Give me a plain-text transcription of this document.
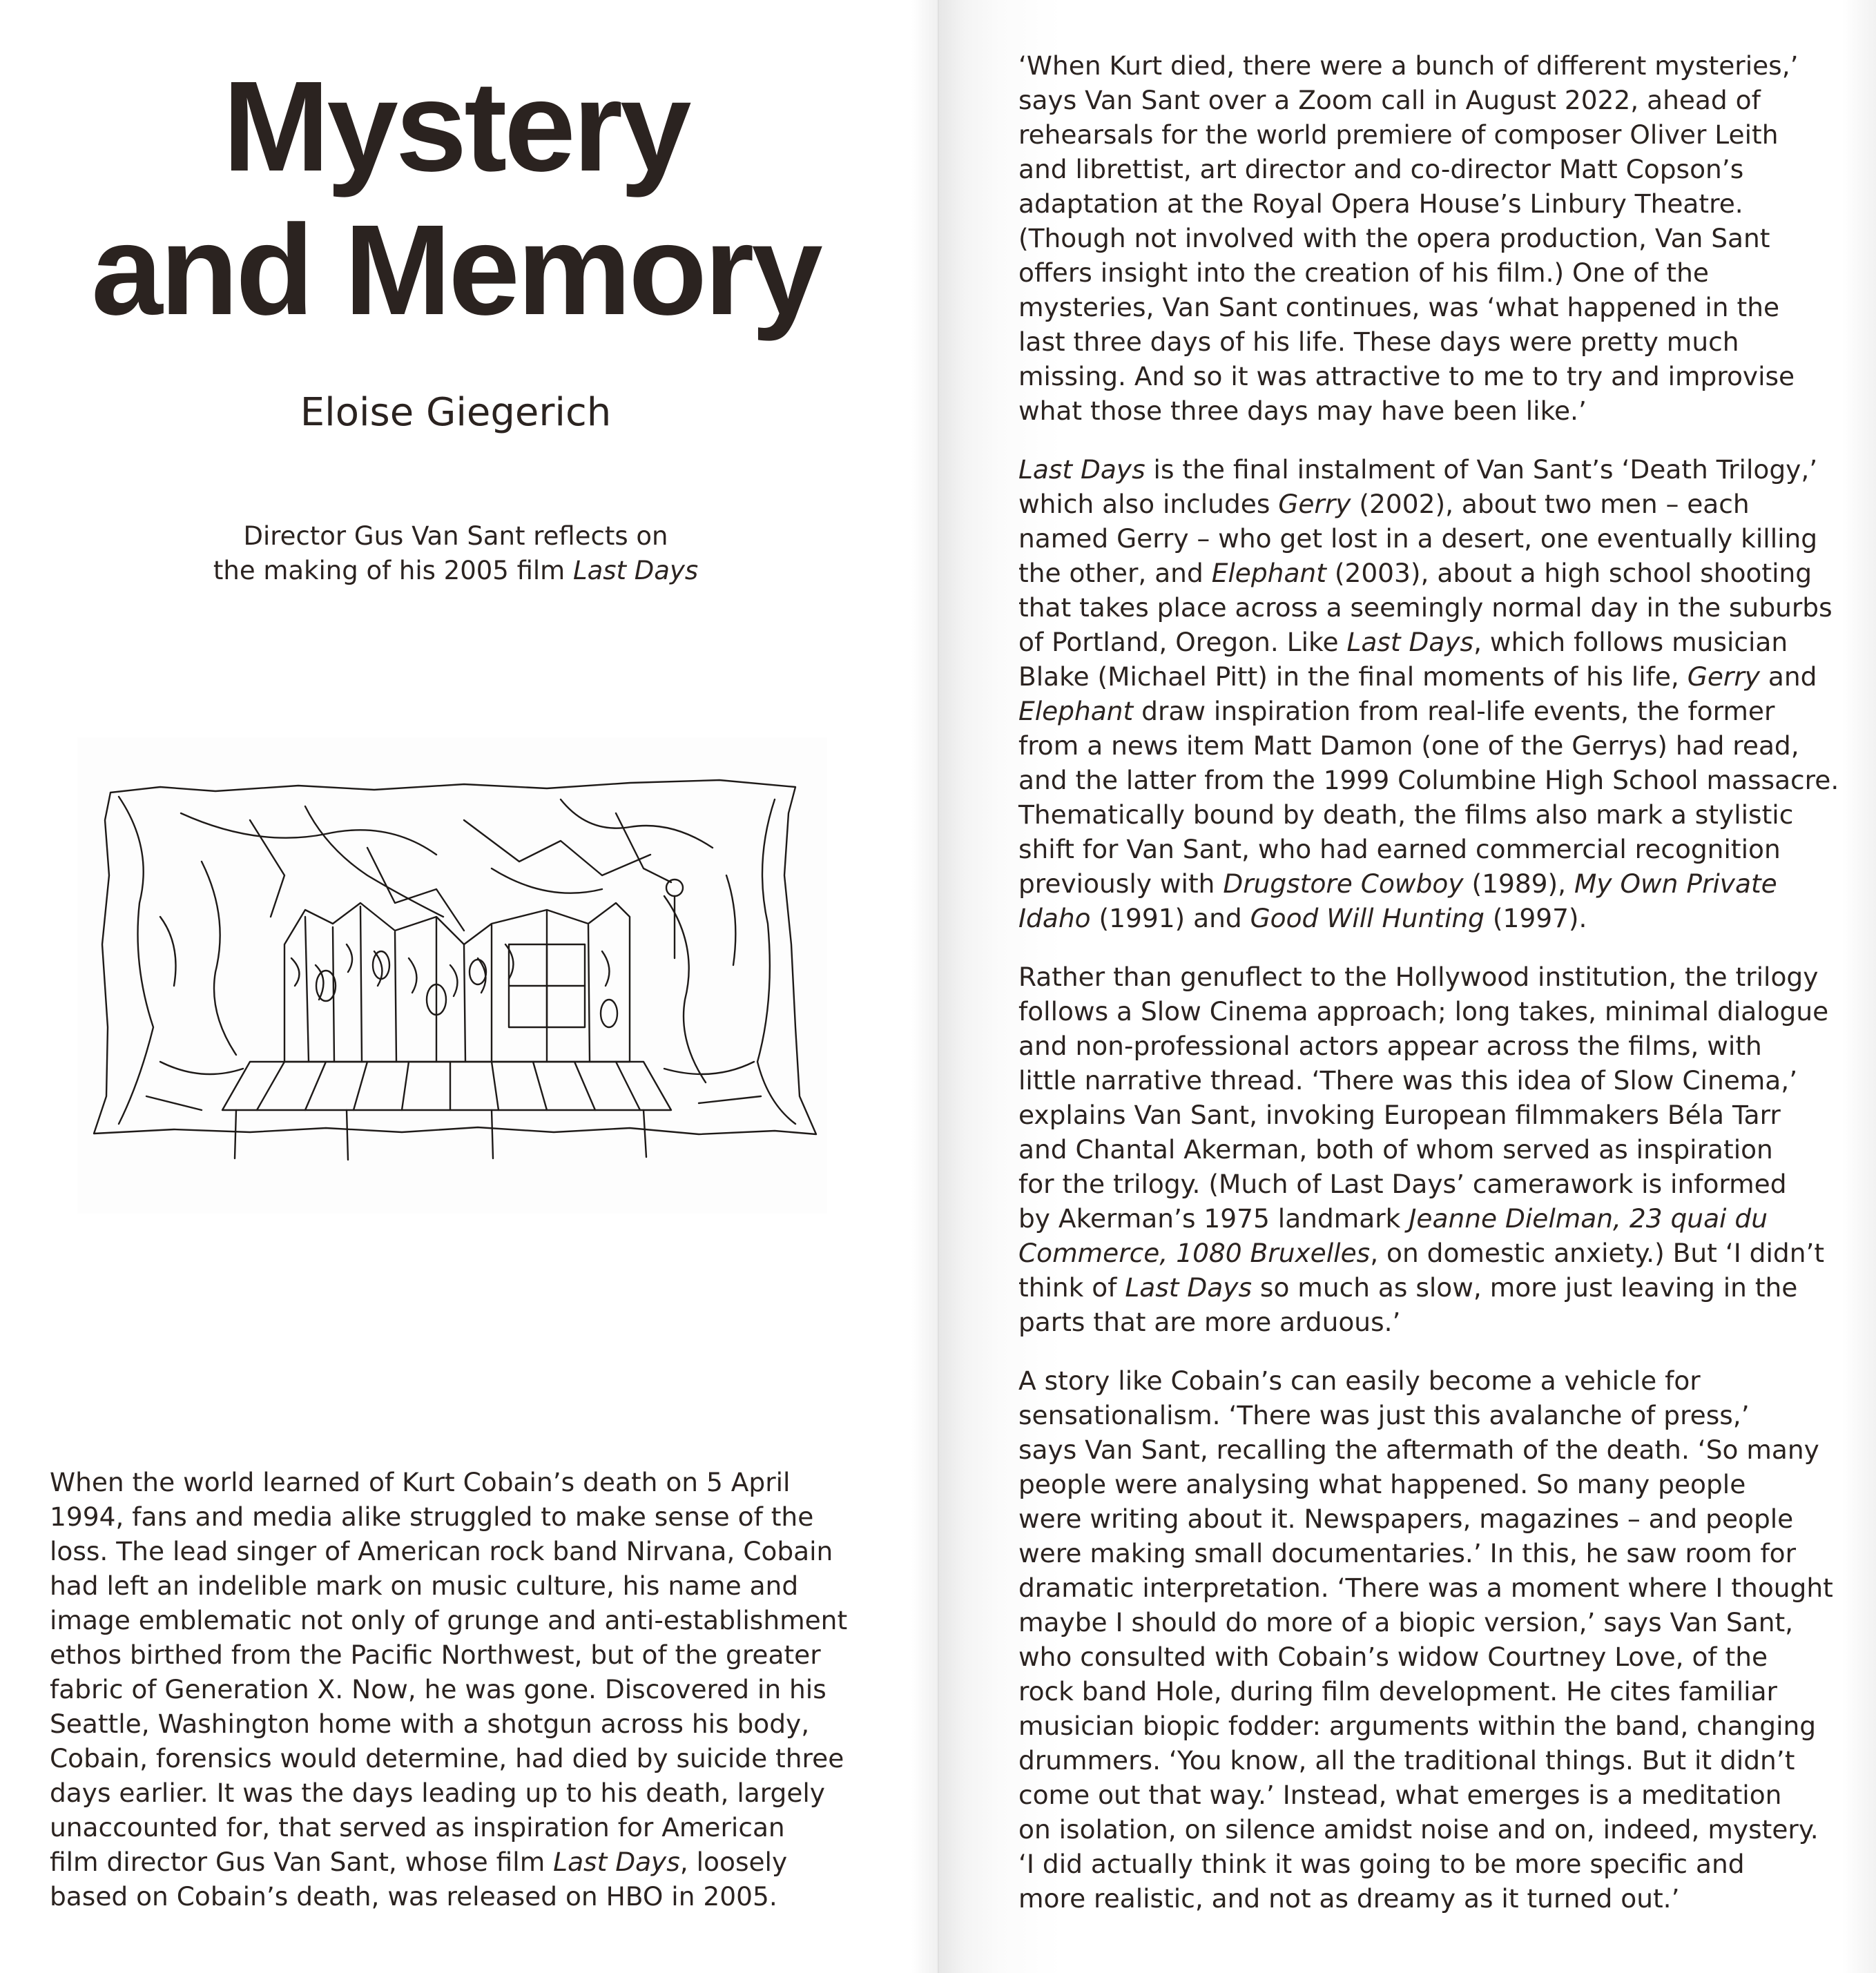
Mystery
and Memory

Eloise Giegerich

Director Gus Van Sant reflects on
the making of his 2005 film Last Days

When the world learned of Kurt Cobain’s death on 5 April
1994, fans and media alike struggled to make sense of the
loss. The lead singer of American rock band Nirvana, Cobain
had left an indelible mark on music culture, his name and
image emblematic not only of grunge and anti-establishment
ethos birthed from the Pacific Northwest, but of the greater
fabric of Generation X. Now, he was gone. Discovered in his
Seattle, Washington home with a shotgun across his body,
Cobain, forensics would determine, had died by suicide three
days earlier. It was the days leading up to his death, largely
unaccounted for, that served as inspiration for American
film director Gus Van Sant, whose film Last Days, loosely
based on Cobain’s death, was released on HBO in 2005.

‘When Kurt died, there were a bunch of different mysteries,’
says Van Sant over a Zoom call in August 2022, ahead of
rehearsals for the world premiere of composer Oliver Leith
and librettist, art director and co-director Matt Copson’s
adaptation at the Royal Opera House’s Linbury Theatre.
(Though not involved with the opera production, Van Sant
offers insight into the creation of his film.) One of the
mysteries, Van Sant continues, was ‘what happened in the
last three days of his life. These days were pretty much
missing. And so it was attractive to me to try and improvise
what those three days may have been like.’

Last Days is the final instalment of Van Sant’s ‘Death Trilogy,’
which also includes Gerry (2002), about two men – each
named Gerry – who get lost in a desert, one eventually killing
the other, and Elephant (2003), about a high school shooting
that takes place across a seemingly normal day in the suburbs
of Portland, Oregon. Like Last Days, which follows musician
Blake (Michael Pitt) in the final moments of his life, Gerry and
Elephant draw inspiration from real-life events, the former
from a news item Matt Damon (one of the Gerrys) had read,
and the latter from the 1999 Columbine High School massacre.
Thematically bound by death, the films also mark a stylistic
shift for Van Sant, who had earned commercial recognition
previously with Drugstore Cowboy (1989), My Own Private
Idaho (1991) and Good Will Hunting (1997).

Rather than genuflect to the Hollywood institution, the trilogy
follows a Slow Cinema approach; long takes, minimal dialogue
and non-professional actors appear across the films, with
little narrative thread. ‘There was this idea of Slow Cinema,’
explains Van Sant, invoking European filmmakers Béla Tarr
and Chantal Akerman, both of whom served as inspiration
for the trilogy. (Much of Last Days’ camerawork is informed
by Akerman’s 1975 landmark Jeanne Dielman, 23 quai du
Commerce, 1080 Bruxelles, on domestic anxiety.) But ‘I didn’t
think of Last Days so much as slow, more just leaving in the
parts that are more arduous.’

A story like Cobain’s can easily become a vehicle for
sensationalism. ‘There was just this avalanche of press,’
says Van Sant, recalling the aftermath of the death. ‘So many
people were analysing what happened. So many people
were writing about it. Newspapers, magazines – and people
were making small documentaries.’ In this, he saw room for
dramatic interpretation. ‘There was a moment where I thought
maybe I should do more of a biopic version,’ says Van Sant,
who consulted with Cobain’s widow Courtney Love, of the
rock band Hole, during film development. He cites familiar
musician biopic fodder: arguments within the band, changing
drummers. ‘You know, all the traditional things. But it didn’t
come out that way.’ Instead, what emerges is a meditation
on isolation, on silence amidst noise and on, indeed, mystery.
‘I did actually think it was going to be more specific and
more realistic, and not as dreamy as it turned out.’
